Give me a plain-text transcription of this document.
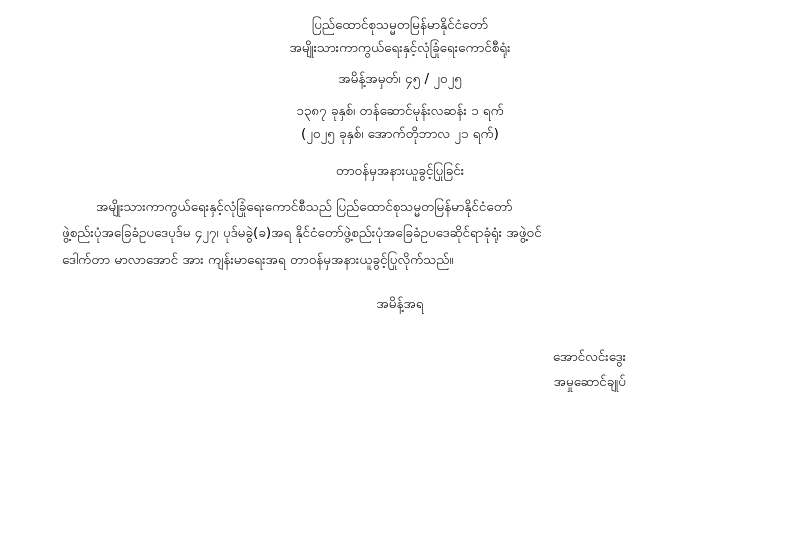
ပြည်ထောင်စုသမ္မတမြန်မာနိုင်ငံတော်
အမျိုးသားကာကွယ်ရေးနှင့်လုံခြုံရေးကောင်စီရုံး
အမိန့်အမှတ်၊ ၄၅ / ၂၀၂၅
၁၃၈၇ ခုနှစ်၊ တန်ဆောင်မုန်းလဆန်း ၁ ရက်
(၂၀၂၅ ခုနှစ်၊ အောက်တိုဘာလ ၂၁ ရက်)
တာဝန်မှအနားယူခွင့်ပြုခြင်း
အမျိုးသားကာကွယ်ရေးနှင့်လုံခြုံရေးကောင်စီသည် ပြည်ထောင်စုသမ္မတမြန်မာနိုင်ငံတော်
ဖွဲ့စည်းပုံအခြေခံဥပဒေပုဒ်မ ၄၂၇၊ ပုဒ်မခွဲ(ခ)အရ နိုင်ငံတော်ဖွဲ့စည်းပုံအခြေခံဥပဒေဆိုင်ရာခုံရုံး အဖွဲ့ဝင်
ဒေါက်တာ မာလာအောင် အား ကျန်းမာရေးအရ တာဝန်မှအနားယူခွင့်ပြုလိုက်သည်။
အမိန့်အရ
အောင်လင်းဒွေး
အမှုဆောင်ချုပ်
